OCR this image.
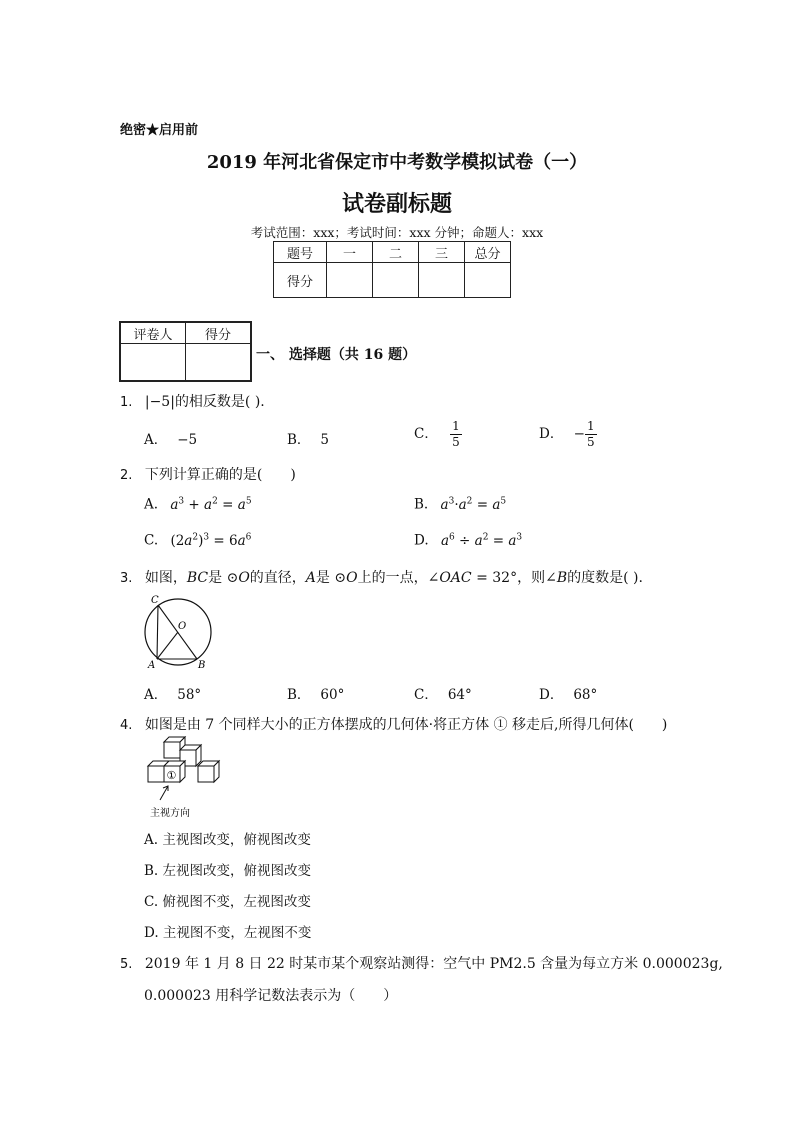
绝密★启用前
2019 年河北省保定市中考数学模拟试卷（一）
试卷副标题
考试范围：xxx；考试时间：xxx 分钟；命题人：xxx
题号	一	二	三	总分
得分				
评卷人	得分

一、 选择题（共 16 题）
1. |−5|的相反数是( ).
A． −5	B． 5	C． $\frac{1}{5}$	D． − $\frac{1}{5}$
2. 下列计算正确的是(　　)
A. $a^3 + a^2 = a^5$	B. $a^3\cdot a^2 = a^5$
C. $(2a^2)^3 = 6a^6$	D. $a^6 \div a^2 = a^3$
3. 如图，BC是 ⊙O的直径，A是 ⊙O上的一点，∠OAC = 32°，则∠B的度数是( ).
C
O
A	B
A． 58°	B． 60°	C． 64°	D． 68°
4. 如图是由 7 个同样大小的正方体摆成的几何体·将正方体 ① 移走后,所得几何体(　　)
①
主视方向
A. 主视图改变，俯视图改变
B. 左视图改变，俯视图改变
C. 俯视图不变，左视图改变
D. 主视图不变，左视图不变
5. 2019 年 1 月 8 日 22 时某市某个观察站测得：空气中 PM2.5 含量为每立方米 0.000023g,
0.000023 用科学记数法表示为（　　）
